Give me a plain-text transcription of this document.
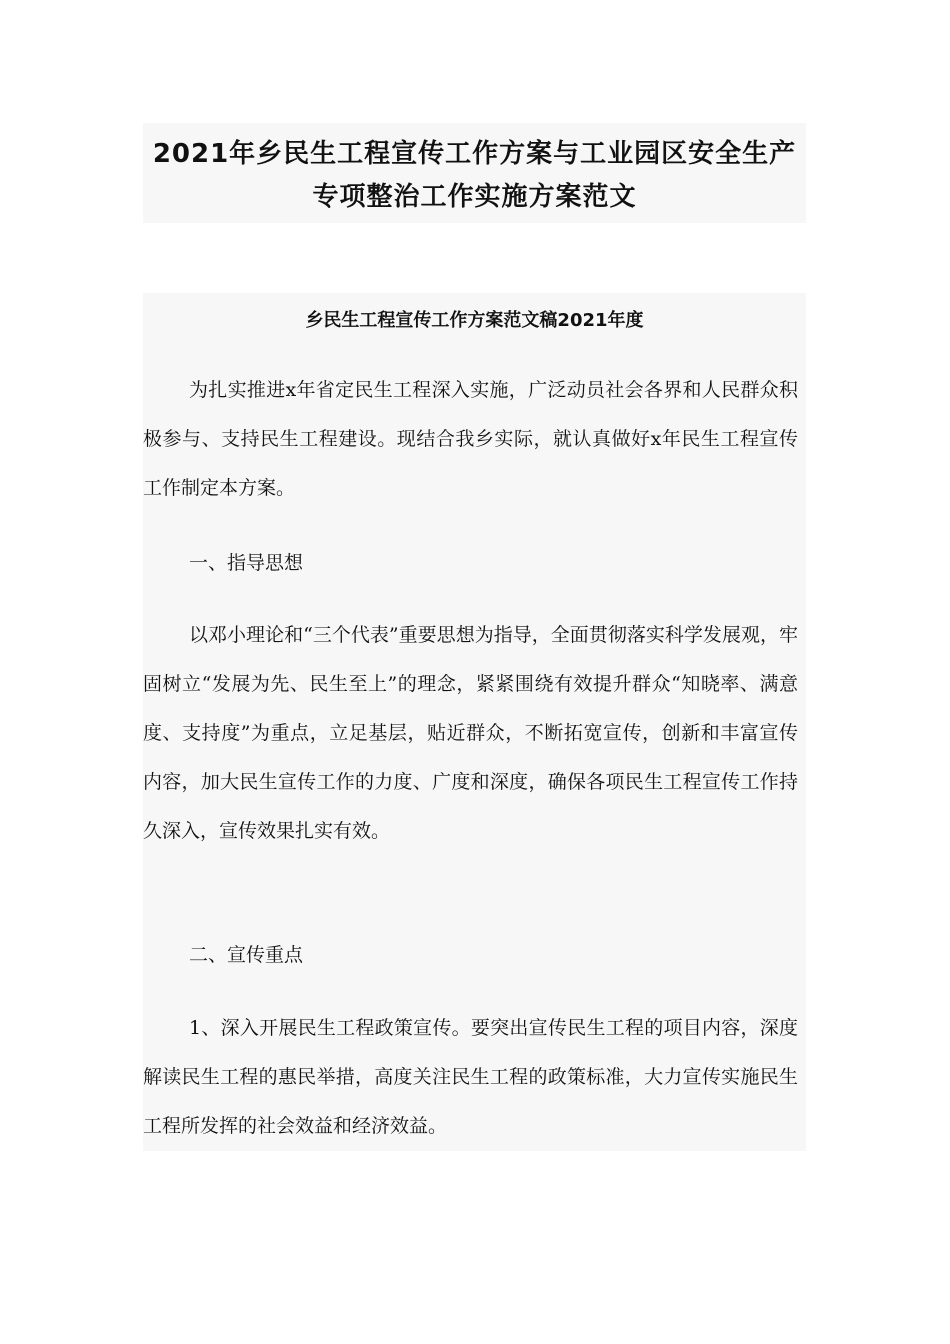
2021年乡民生工程宣传工作方案与工业园区安全生产专项整治工作实施方案范文
乡民生工程宣传工作方案范文稿2021年度

为扎实推进x年省定民生工程深入实施，广泛动员社会各界和人民群众积极参与、支持民生工程建设。现结合我乡实际，就认真做好x年民生工程宣传工作制定本方案。

一、指导思想

以邓小理论和“三个代表”重要思想为指导，全面贯彻落实科学发展观，牢固树立“发展为先、民生至上”的理念，紧紧围绕有效提升群众“知晓率、满意度、支持度”为重点，立足基层，贴近群众，不断拓宽宣传，创新和丰富宣传内容，加大民生宣传工作的力度、广度和深度，确保各项民生工程宣传工作持久深入，宣传效果扎实有效。

二、宣传重点

1、深入开展民生工程政策宣传。要突出宣传民生工程的项目内容，深度解读民生工程的惠民举措，高度关注民生工程的政策标准，大力宣传实施民生工程所发挥的社会效益和经济效益。
